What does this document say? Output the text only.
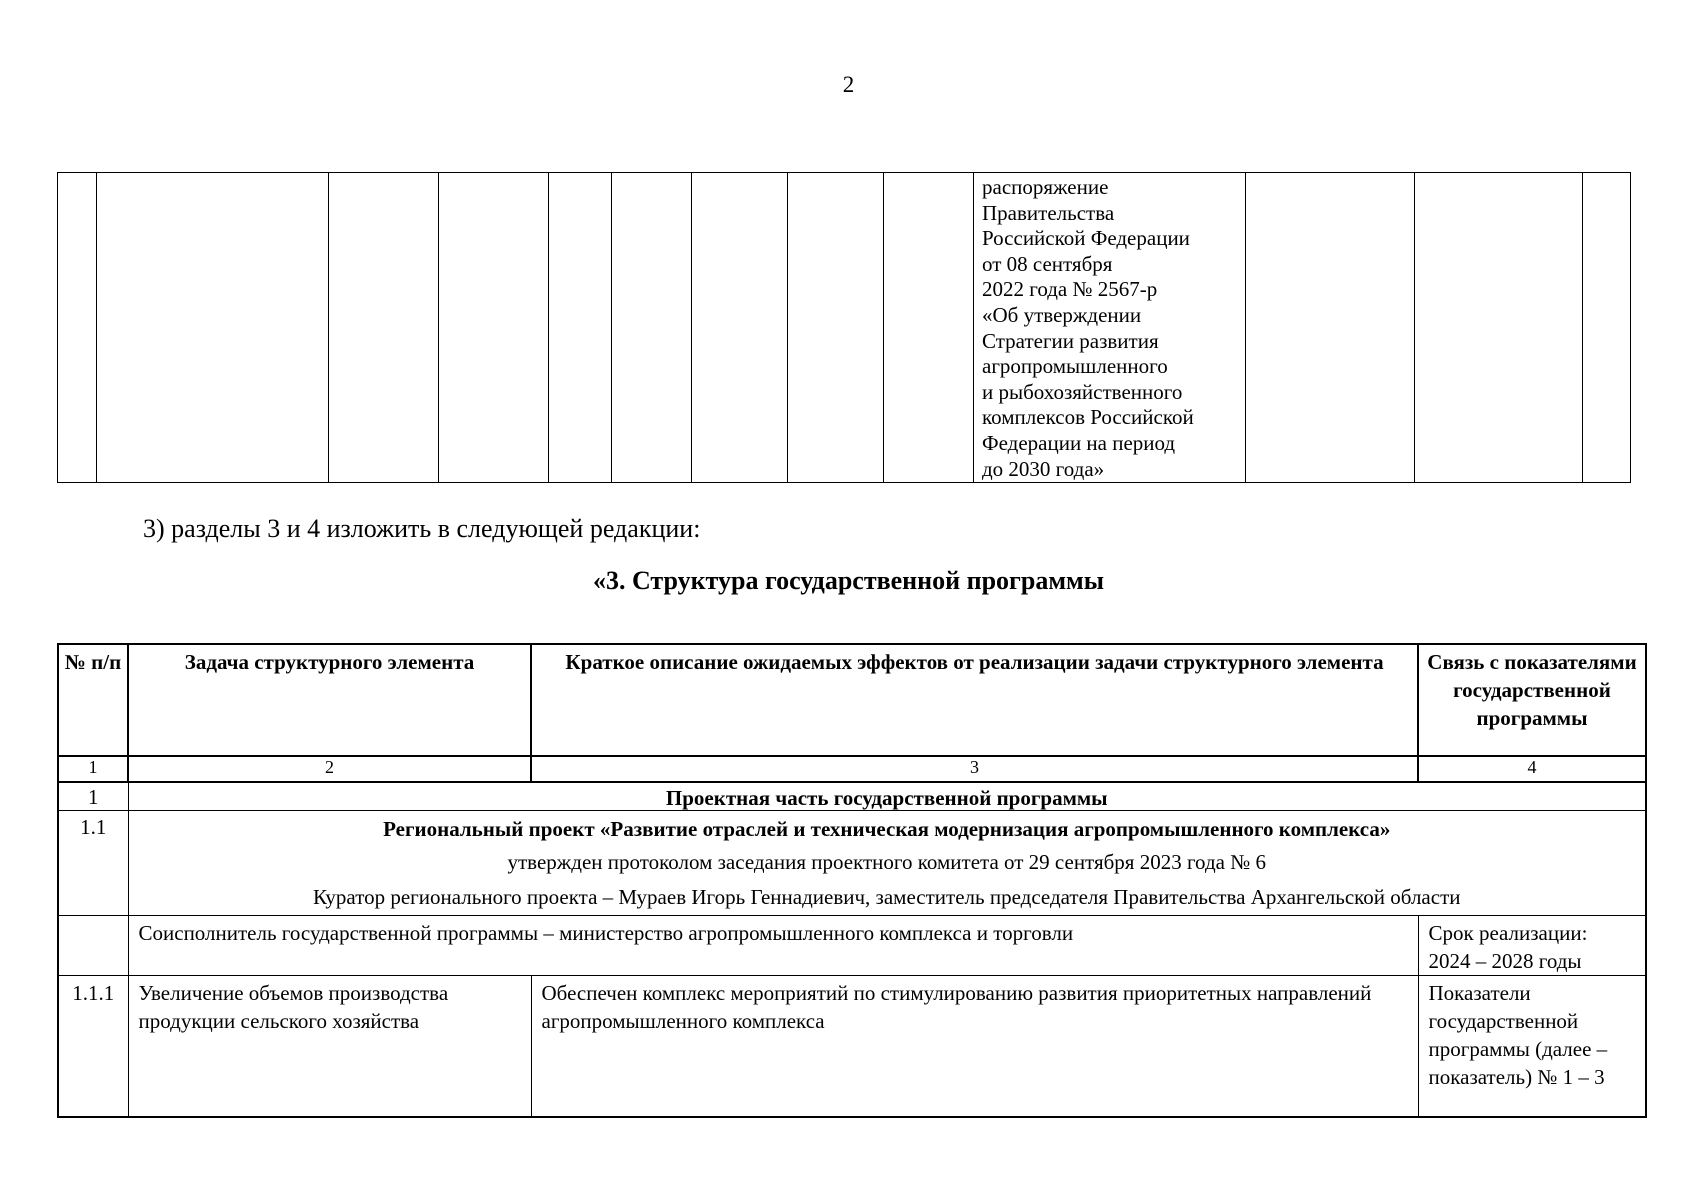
2

распоряжение
Правительства
Российской Федерации
от 08 сентября
2022 года № 2567-р
«Об утверждении
Стратегии развития
агропромышленного
и рыбохозяйственного
комплексов Российской
Федерации на период
до 2030 года»

3) разделы 3 и 4 изложить в следующей редакции:
«3. Структура государственной программы
№ п/п	Задача структурного элемента	Краткое описание ожидаемых эффектов от реализации задачи структурного элемента	Связь с показателями государственной программы
1	2	3	4
1	Проектная часть государственной программы		
1.1	Региональный проект «Развитие отраслей и техническая модернизация агропромышленного комплекса»
утвержден протоколом заседания проектного комитета от 29 сентября 2023 года № 6
Куратор регионального проекта – Мураев Игорь Геннадиевич, заместитель председателя Правительства Архангельской области		

	Соисполнитель государственной программы – министерство агропромышленного комплекса и торговли		Срок реализации:
2024 – 2028 годы

1.1.1	Увеличение объемов производства продукции сельского хозяйства	Обеспечен комплекс мероприятий по стимулированию развития приоритетных направлений агропромышленного комплекса	Показатели государственной программы (далее – показатель) № 1 – 3
